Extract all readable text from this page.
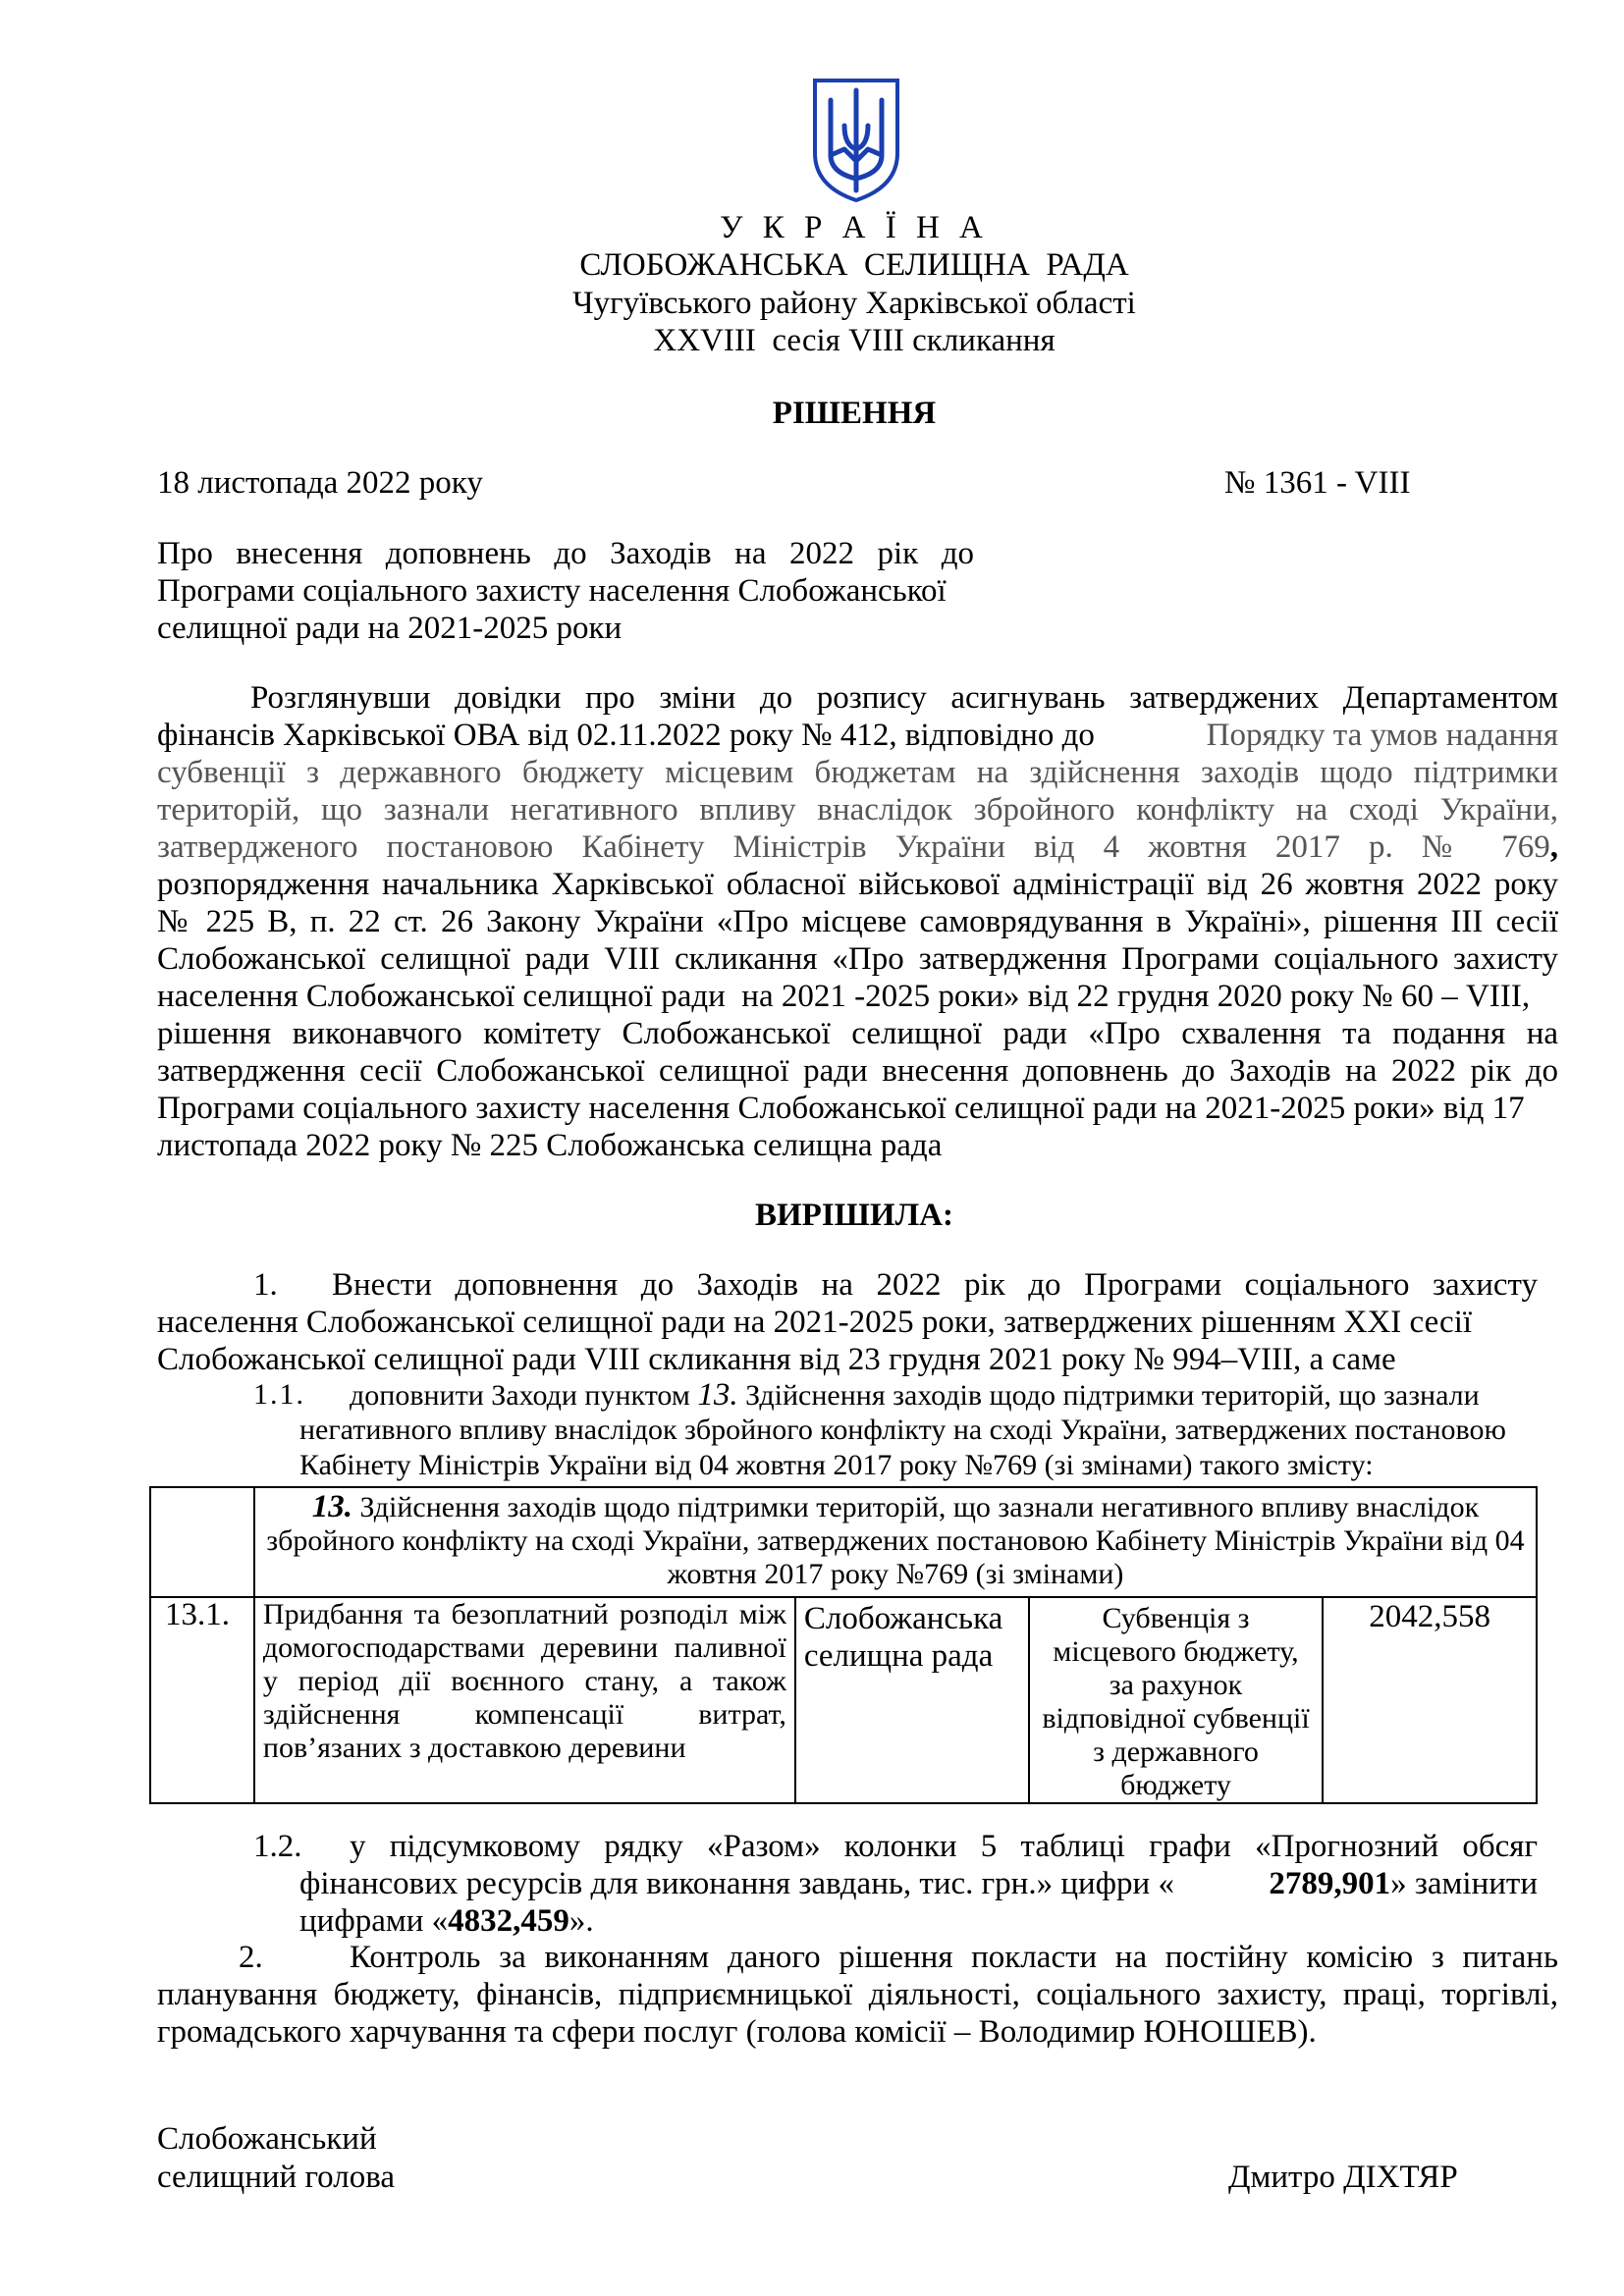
У К Р А Ї Н А
СЛОБОЖАНСЬКА  СЕЛИЩНА  РАДА
Чугуївського району Харківської області
XXVIII  сесія VIII скликання
РІШЕННЯ
18 листопада 2022 року	№ 1361 - VIII
Про внесення доповнень до Заходів на 2022 рік до
Програми соціального захисту населення Слобожанської
селищної ради на 2021-2025 роки
Розглянувши довідки про зміни до розпису асигнувань затверджених Департаментом
фінансів Харківської ОВА від 02.11.2022 року № 412, відповідно до	Порядку та умов надання
субвенції з державного бюджету місцевим бюджетам на здійснення заходів щодо підтримки
територій, що зазнали негативного впливу внаслідок збройного конфлікту на сході України,
затвердженого постановою Кабінету Міністрів України від 4 жовтня 2017 р. № 769 ,
розпорядження начальника Харківської обласної військової адміністрації від 26 жовтня 2022 року
№ 225 В, п. 22 ст. 26 Закону України «Про місцеве самоврядування в Україні», рішення ІІІ сесії
Слобожанської селищної ради VIII скликання «Про затвердження Програми соціального захисту
населення Слобожанської селищної ради  на 2021 -2025 роки» від 22 грудня 2020 року № 60 – VIII,
рішення виконавчого комітету Слобожанської селищної ради «Про схвалення та подання на
затвердження сесії Слобожанської селищної ради внесення доповнень до Заходів на 2022 рік до
Програми соціального захисту населення Слобожанської селищної ради на 2021-2025 роки» від 17
листопада 2022 року № 225 Слобожанська селищна рада
ВИРІШИЛА:
1. Внести доповнення до Заходів на 2022 рік до Програми соціального захисту
населення Слобожанської селищної ради на 2021-2025 роки, затверджених рішенням XXI сесії
Слобожанської селищної ради VIII скликання від 23 грудня 2021 року № 994–VIII, а саме
1.1. доповнити Заходи пунктом 13. Здійснення заходів щодо підтримки територій, що зазнали
негативного впливу внаслідок збройного конфлікту на сході України, затверджених постановою
Кабінету Міністрів України від 04 жовтня 2017 року №769 (зі змінами) такого змісту:
	13. Здійснення заходів щодо підтримки територій, що зазнали негативного впливу внаслідок збройного конфлікту на сході України, затверджених постановою Кабінету Міністрів України від 04 жовтня 2017 року №769 (зі змінами)			
13.1.	Придбання та безоплатний розподіл між домогосподарствами деревини паливної у період дії воєнного стану, а також здійснення компенсації витрат, пов’язаних з доставкою деревини	Слобожанська селищна рада	Субвенція з місцевого бюджету, за рахунок відповідної субвенції з державного бюджету	2042,558
1.2. у підсумковому рядку «Разом» колонки 5 таблиці графи «Прогнозний обсяг
фінансових ресурсів для виконання завдань, тис. грн.» цифри «	2789,901» замінити
цифрами «4832,459».
2.	Контроль за виконанням даного рішення покласти на постійну комісію з питань
планування бюджету, фінансів, підприємницької діяльності, соціального захисту, праці, торгівлі,
громадського харчування та сфери послуг (голова комісії – Володимир ЮНОШЕВ).
Слобожанський
селищний голова	Дмитро ДІХТЯР
